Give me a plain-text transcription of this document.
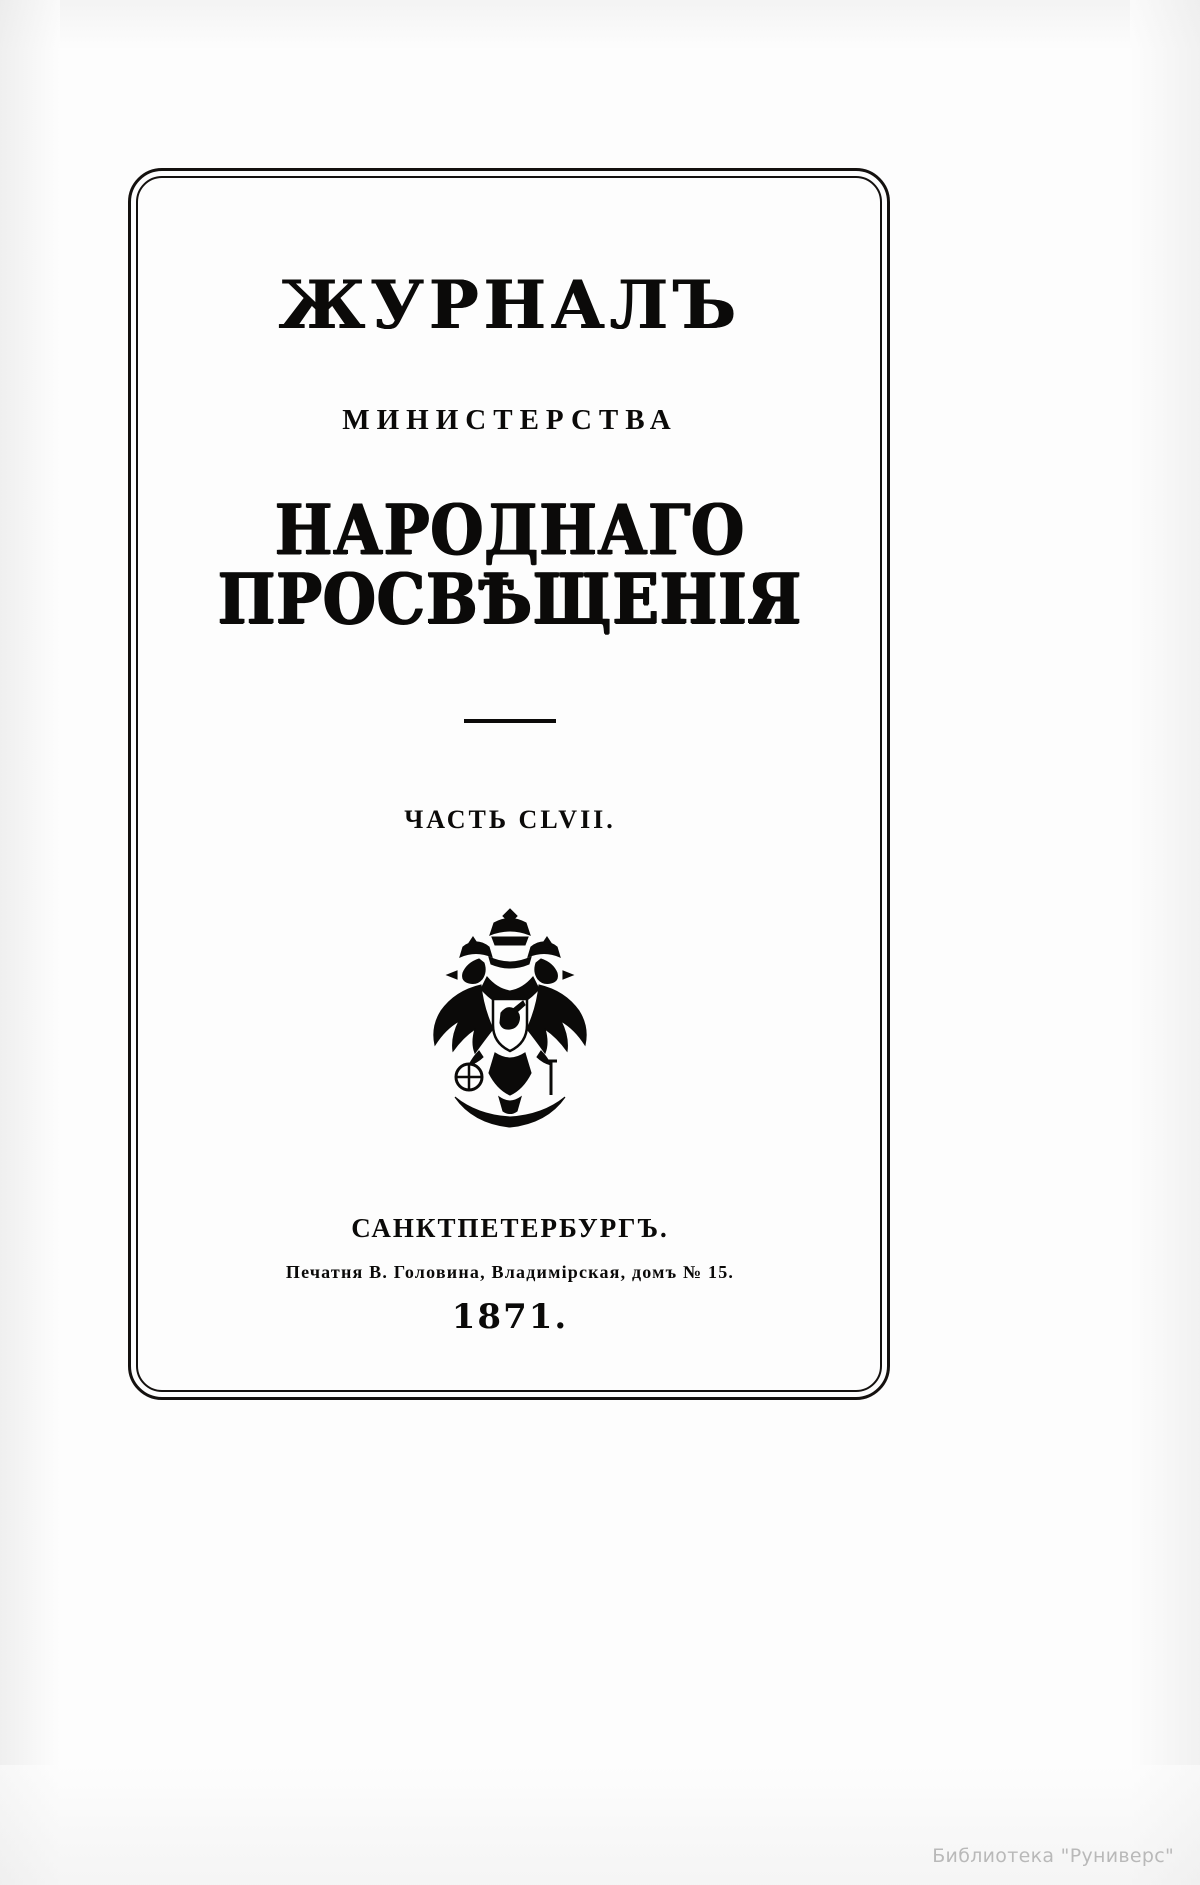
ЖУРНАЛЪ
МИНИСТЕРСТВА
НАРОДНАГО ПРОСВѢЩЕНІЯ
ЧАСТЬ CLVII.
САНКТПЕТЕРБУРГЪ.
Печатня В. Головина, Владимірская, домъ № 15.
1871.
Библиотека "Руниверс"
